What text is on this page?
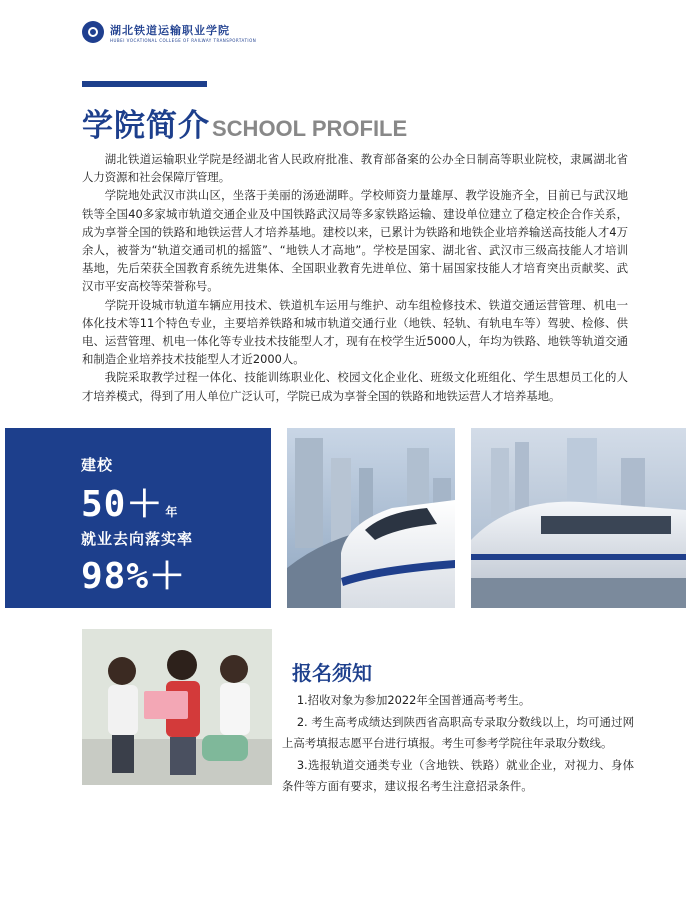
湖北铁道运输职业学院
HUBEI VOCATIONAL COLLEGE OF RAILWAY TRANSPORTATION
学院简介 SCHOOL PROFILE

湖北铁道运输职业学院是经湖北省人民政府批准、教育部备案的公办全日制高等职业院校，隶属湖北省人力资源和社会保障厅管理。

学院地处武汉市洪山区，坐落于美丽的汤逊湖畔。学校师资力量雄厚、教学设施齐全，目前已与武汉地铁等全国40多家城市轨道交通企业及中国铁路武汉局等多家铁路运输、建设单位建立了稳定校企合作关系，成为享誉全国的铁路和地铁运营人才培养基地。建校以来，已累计为铁路和地铁企业培养输送高技能人才4万余人，被誉为“轨道交通司机的摇篮”、“地铁人才高地”。学校是国家、湖北省、武汉市三级高技能人才培训基地，先后荣获全国教育系统先进集体、全国职业教育先进单位、第十届国家技能人才培育突出贡献奖、武汉市平安高校等荣誉称号。

学院开设城市轨道车辆应用技术、铁道机车运用与维护、动车组检修技术、铁道交通运营管理、机电一体化技术等11个特色专业，主要培养铁路和城市轨道交通行业（地铁、轻轨、有轨电车等）驾驶、检修、供电、运营管理、机电一体化等专业技术技能型人才，现有在校学生近5000人，年均为铁路、地铁等轨道交通和制造企业培养技术技能型人才近2000人。

我院采取教学过程一体化、技能训练职业化、校园文化企业化、班级文化班组化、学生思想员工化的人才培养模式，得到了用人单位广泛认可，学院已成为享誉全国的铁路和地铁运营人才培养基地。

建校
50＋ 年
就业去向落实率
98%＋
报名须知

1.招收对象为参加2022年全国普通高考考生。

2. 考生高考成绩达到陕西省高职高专录取分数线以上，均可通过网上高考填报志愿平台进行填报。考生可参考学院往年录取分数线。

3.选报轨道交通类专业（含地铁、铁路）就业企业，对视力、身体条件等方面有要求，建议报名考生注意招录条件。
